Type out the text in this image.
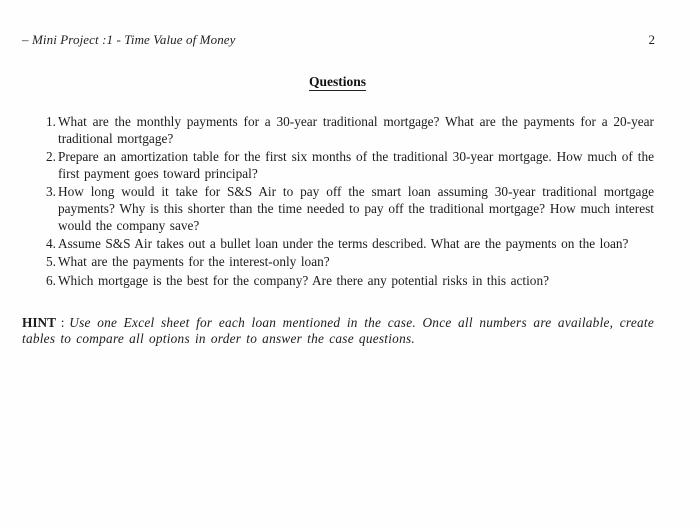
– Mini Project :1 - Time Value of Money	2
Questions
1. What are the monthly payments for a 30-year traditional mortgage? What are the payments for a 20-year traditional mortgage?
2. Prepare an amortization table for the first six months of the traditional 30-year mortgage. How much of the first payment goes toward principal?
3. How long would it take for S&S Air to pay off the smart loan assuming 30-year traditional mortgage payments? Why is this shorter than the time needed to pay off the traditional mortgage? How much interest would the company save?
4. Assume S&S Air takes out a bullet loan under the terms described. What are the payments on the loan?
5. What are the payments for the interest-only loan?
6. Which mortgage is the best for the company? Are there any potential risks in this action?
HINT : Use one Excel sheet for each loan mentioned in the case. Once all numbers are available, create tables to compare all options in order to answer the case questions.
